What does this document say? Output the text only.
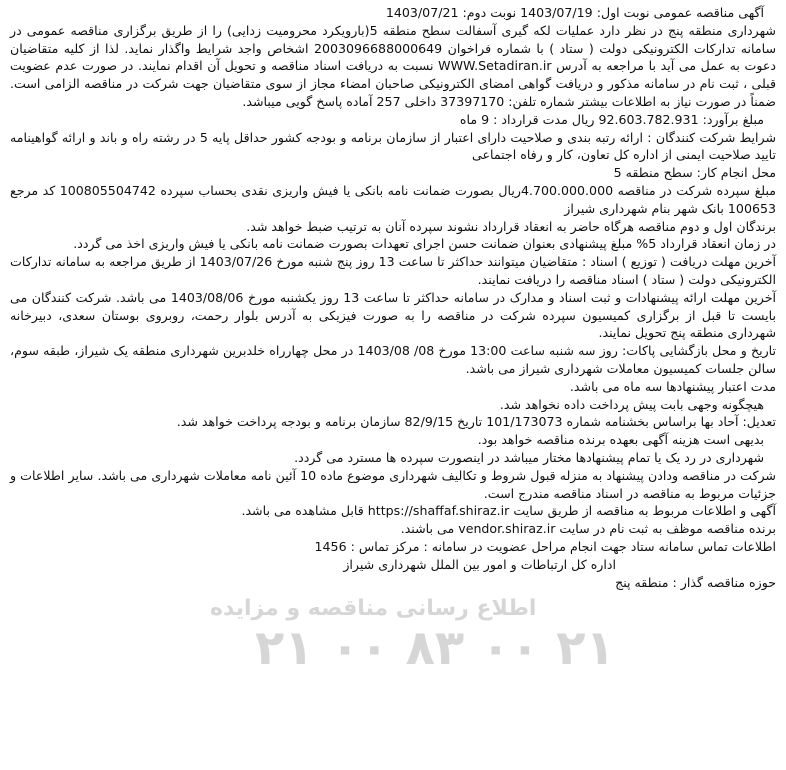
اطلاع رسانی مناقصه و مزایده
۲۱ ۰۰ ۸۳ ۰۰ ۲۱

آگهی مناقصه عمومی نوبت اول: 1403/07/19 نوبت دوم: 1403/07/21

شهرداری منطقه پنج در نظر دارد عملیات لکه گیری آسفالت سطح منطقه 5(بارویکرد محرومیت زدایی) را از طریق برگزاری مناقصه عمومی در سامانه تدارکات الکترونیکی دولت ( ستاد ) با شماره فراخوان 2003096688000649 اشخاص واجد شرایط واگذار نماید. لذا از کلیه متقاضیان دعوت به عمل می آید با مراجعه به آدرس WWW.Setadiran.ir نسبت به دریافت اسناد مناقصه و تحویل آن اقدام نمایند. در صورت عدم عضویت قبلی ، ثبت نام در سامانه مذکور و دریافت گواهی امضای الکترونیکی صاحبان امضاء مجاز از سوی متقاضیان جهت شرکت در مناقصه الزامی است. ضمناً در صورت نیاز به اطلاعات بیشتر شماره تلفن: 37397170 داخلی 257 آماده پاسخ گویی میباشد.

مبلغ برآورد: 92.603.782.931 ریال مدت قرارداد : 9 ماه

شرایط شرکت کنندگان : ارائه رتبه بندی و صلاحیت دارای اعتبار از سازمان برنامه و بودجه کشور حداقل پایه 5 در رشته راه و باند و ارائه گواهینامه تایید صلاحیت ایمنی از اداره کل تعاون، کار و رفاه اجتماعی

محل انجام کار: سطح منطقه 5

مبلغ سپرده شرکت در مناقصه 4.700.000.000ریال بصورت ضمانت نامه بانکی یا فیش واریزی نقدی بحساب سپرده 100805504742 کد مرجع 100653 بانک شهر بنام شهرداری شیراز

برندگان اول و دوم مناقصه هرگاه حاضر به انعقاد قرارداد نشوند سپرده آنان به ترتیب ضبط خواهد شد.

در زمان انعقاد قرارداد 5% مبلغ پیشنهادی بعنوان ضمانت حسن اجرای تعهدات بصورت ضمانت نامه بانکی یا فیش واریزی اخذ می گردد.

آخرین مهلت دریافت ( توزیع ) اسناد : متقاضیان میتوانند حداکثر تا ساعت 13 روز پنج شنبه مورخ 1403/07/26 از طریق مراجعه به سامانه تدارکات الکترونیکی دولت ( ستاد ) اسناد مناقصه را دریافت نمایند.

آخرین مهلت ارائه پیشنهادات و ثبت اسناد و مدارک در سامانه حداکثر تا ساعت 13 روز یکشنبه مورخ 1403/08/06 می باشد. شرکت کنندگان می بایست تا قبل از برگزاری کمیسیون سپرده شرکت در مناقصه را به صورت فیزیکی به آدرس بلوار رحمت، روبروی بوستان سعدی، دبیرخانه شهرداری منطقه پنج تحویل نمایند.

تاریخ و محل بازگشایی پاکات: روز سه شنبه ساعت 13:00 مورخ 08/ 1403/08 در محل چهارراه خلدبرین شهرداری منطقه یک شیراز، طبقه سوم، سالن جلسات کمیسیون معاملات شهرداری شیراز می باشد.

مدت اعتبار پیشنهادها سه ماه می باشد.

هیچگونه وجهی بابت پیش پرداخت داده نخواهد شد.

تعدیل: آحاد بها براساس بخشنامه شماره 101/173073 تاریخ 82/9/15 سازمان برنامه و بودجه پرداخت خواهد شد.

بدیهی است هزینه آگهی بعهده برنده مناقصه خواهد بود.

شهرداری در رد یک یا تمام پیشنهادها مختار میباشد در اینصورت سپرده ها مسترد می گردد.

شرکت در مناقصه ودادن پیشنهاد به منزله قبول شروط و تکالیف شهرداری موضوع ماده 10 آئین نامه معاملات شهرداری می باشد. سایر اطلاعات و جزئیات مربوط به مناقصه در اسناد مناقصه مندرج است.

آگهی و اطلاعات مربوط به مناقصه از طریق سایت https://shaffaf.shiraz.ir قابل مشاهده می باشد.

برنده مناقصه موظف به ثبت نام در سایت vendor.shiraz.ir می باشند.

اطلاعات تماس سامانه ستاد جهت انجام مراحل عضویت در سامانه : مرکز تماس : 1456

اداره کل ارتباطات و امور بین الملل شهرداری شیراز

حوزه مناقصه گذار : منطقه پنج
